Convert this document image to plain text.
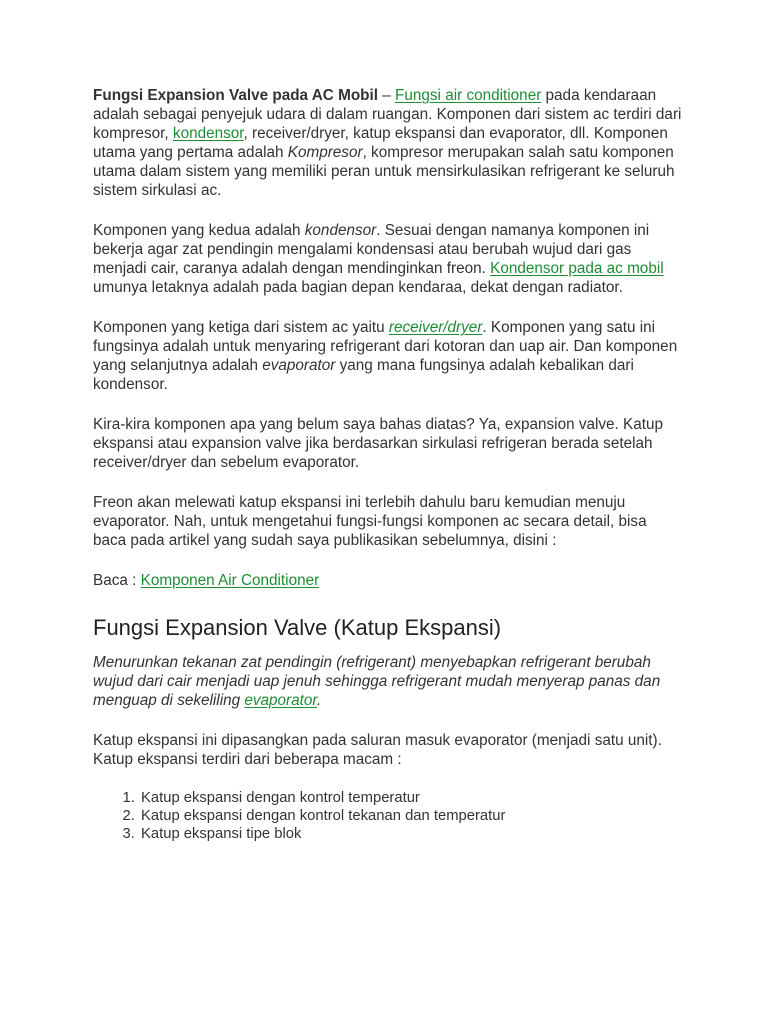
Fungsi Expansion Valve pada AC Mobil – Fungsi air conditioner pada kendaraan adalah sebagai penyejuk udara di dalam ruangan. Komponen dari sistem ac terdiri dari kompresor, kondensor, receiver/dryer, katup ekspansi dan evaporator, dll. Komponen utama yang pertama adalah Kompresor, kompresor merupakan salah satu komponen utama dalam sistem yang memiliki peran untuk mensirkulasikan refrigerant ke seluruh sistem sirkulasi ac.

Komponen yang kedua adalah kondensor. Sesuai dengan namanya komponen ini bekerja agar zat pendingin mengalami kondensasi atau berubah wujud dari gas menjadi cair, caranya adalah dengan mendinginkan freon. Kondensor pada ac mobil umunya letaknya adalah pada bagian depan kendaraa, dekat dengan radiator.

Komponen yang ketiga dari sistem ac yaitu receiver/dryer. Komponen yang satu ini fungsinya adalah untuk menyaring refrigerant dari kotoran dan uap air. Dan komponen yang selanjutnya adalah evaporator yang mana fungsinya adalah kebalikan dari kondensor.

Kira-kira komponen apa yang belum saya bahas diatas? Ya, expansion valve. Katup ekspansi atau expansion valve jika berdasarkan sirkulasi refrigeran berada setelah receiver/dryer dan sebelum evaporator.

Freon akan melewati katup ekspansi ini terlebih dahulu baru kemudian menuju evaporator. Nah, untuk mengetahui fungsi-fungsi komponen ac secara detail, bisa baca pada artikel yang sudah saya publikasikan sebelumnya, disini :

Baca : Komponen Air Conditioner

Fungsi Expansion Valve (Katup Ekspansi)

Menurunkan tekanan zat pendingin (refrigerant) menyebapkan refrigerant berubah wujud dari cair menjadi uap jenuh sehingga refrigerant mudah menyerap panas dan menguap di sekeliling evaporator.

Katup ekspansi ini dipasangkan pada saluran masuk evaporator (menjadi satu unit). Katup ekspansi terdiri dari beberapa macam :

1. Katup ekspansi dengan kontrol temperatur
2. Katup ekspansi dengan kontrol tekanan dan temperatur
3. Katup ekspansi tipe blok
